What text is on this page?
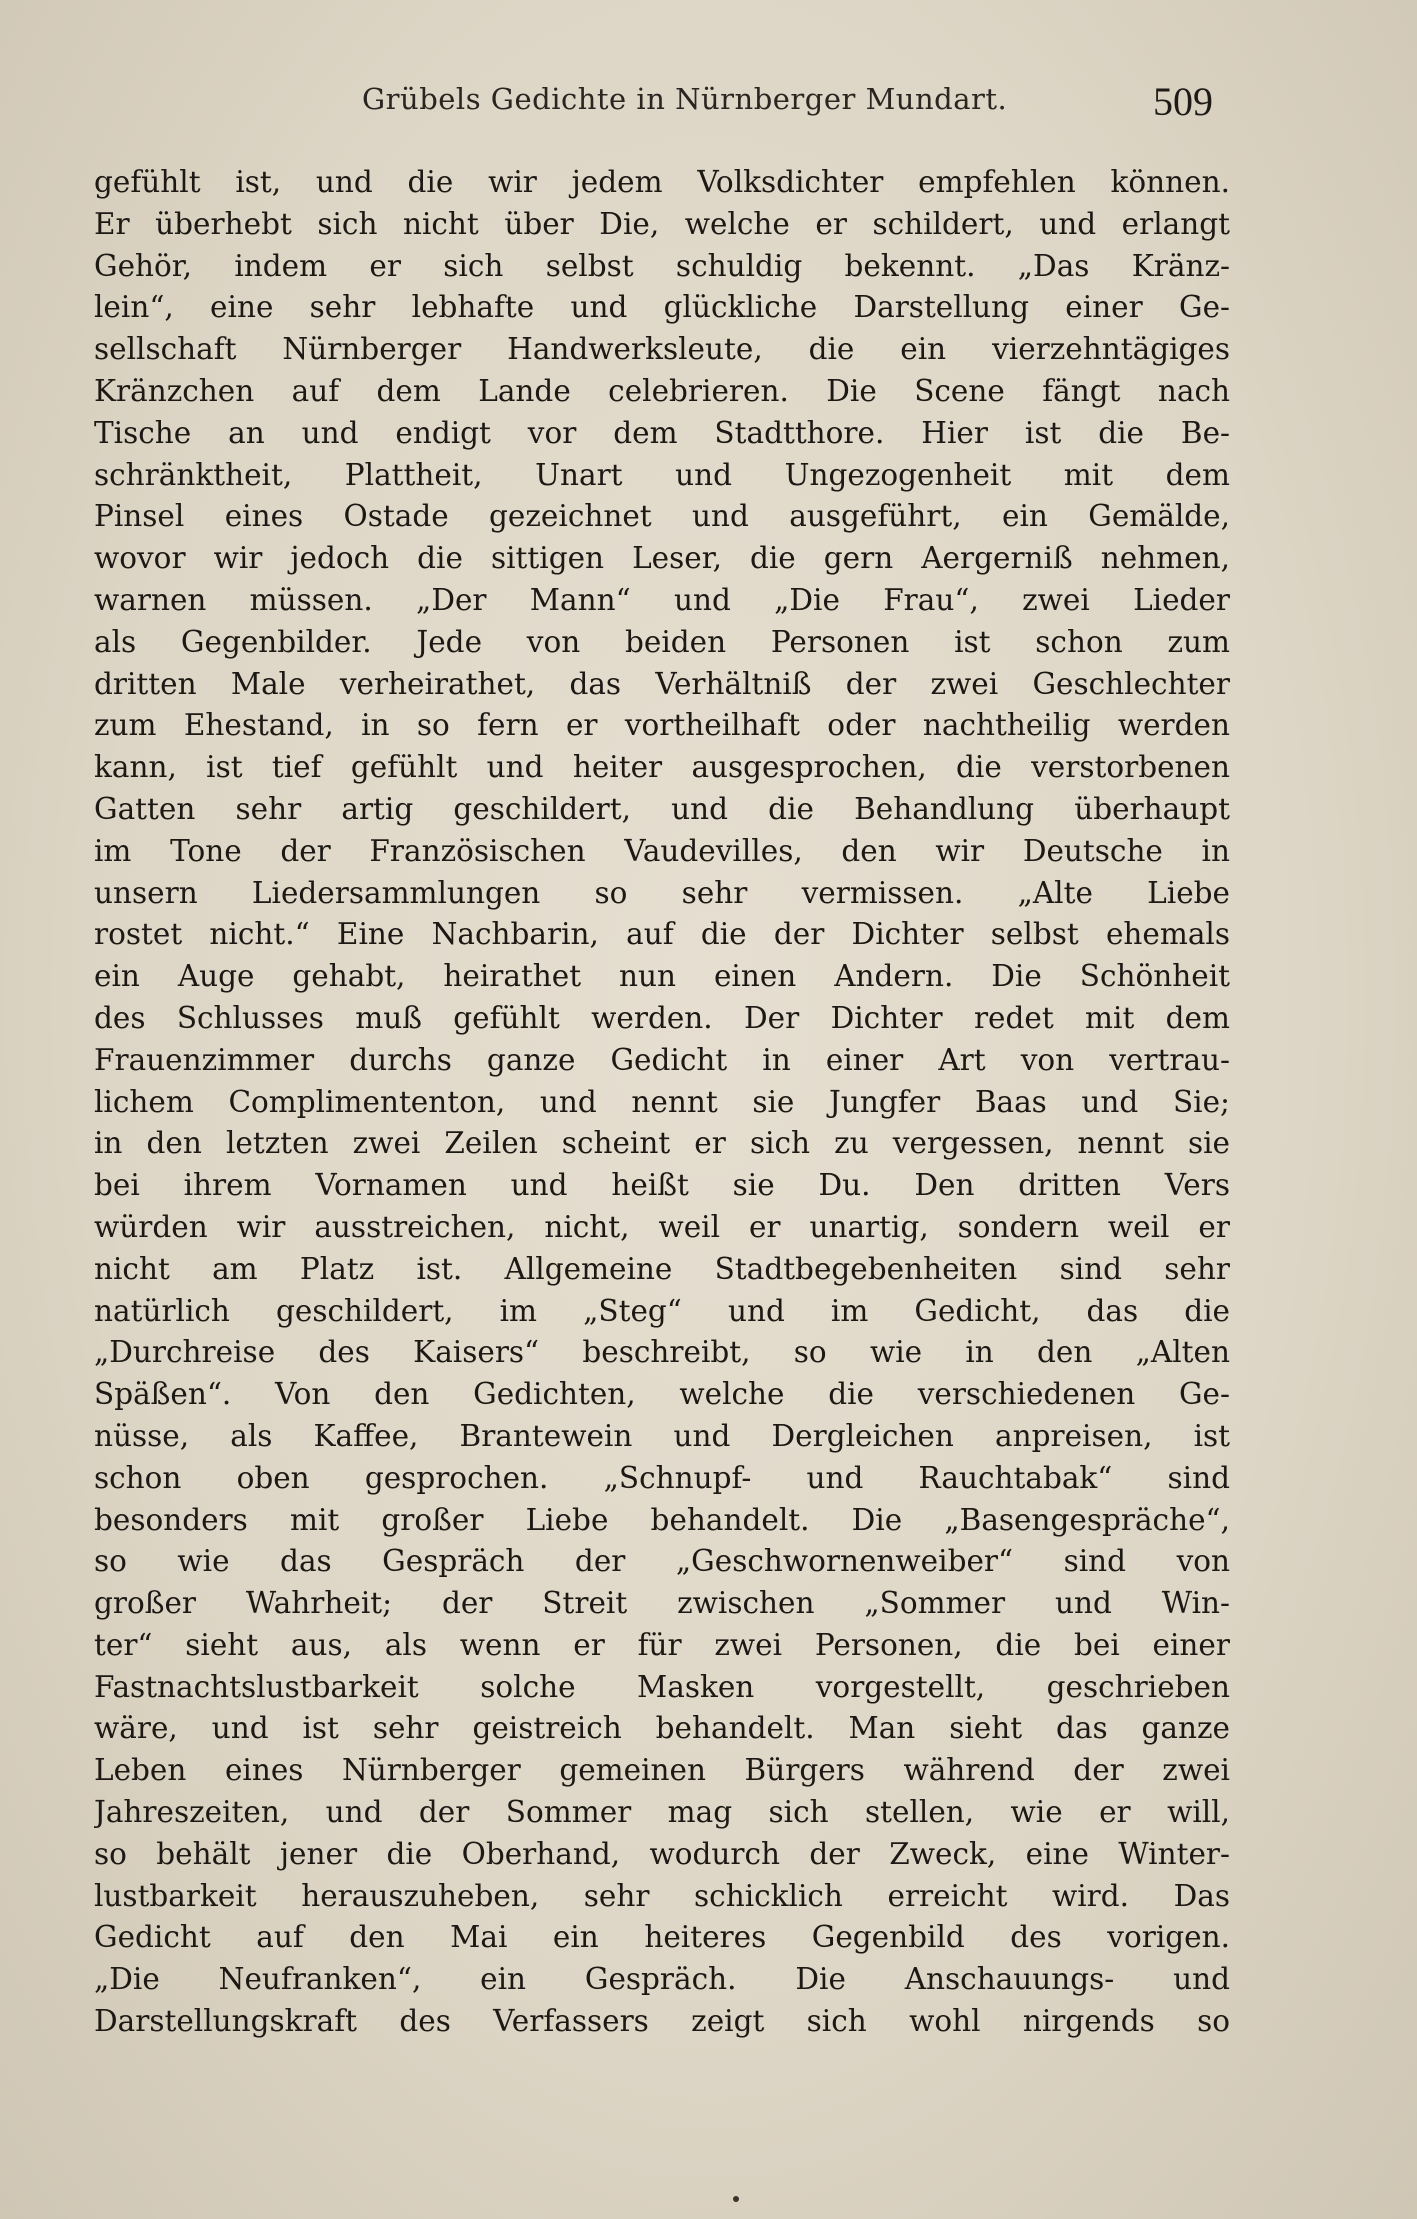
Grübels Gedichte in Nürnberger Mundart.	509
gefühlt ist, und die wir jedem Volksdichter empfehlen können.
Er überhebt sich nicht über Die, welche er schildert, und erlangt
Gehör, indem er sich selbst schuldig bekennt. „Das Kränz-
lein“, eine sehr lebhafte und glückliche Darstellung einer Ge-
sellschaft Nürnberger Handwerksleute, die ein vierzehntägiges
Kränzchen auf dem Lande celebrieren. Die Scene fängt nach
Tische an und endigt vor dem Stadtthore. Hier ist die Be-
schränktheit, Plattheit, Unart und Ungezogenheit mit dem
Pinsel eines Ostade gezeichnet und ausgeführt, ein Gemälde,
wovor wir jedoch die sittigen Leser, die gern Aergerniß nehmen,
warnen müssen. „Der Mann“ und „Die Frau“, zwei Lieder
als Gegenbilder. Jede von beiden Personen ist schon zum
dritten Male verheirathet, das Verhältniß der zwei Geschlechter
zum Ehestand, in so fern er vortheilhaft oder nachtheilig werden
kann, ist tief gefühlt und heiter ausgesprochen, die verstorbenen
Gatten sehr artig geschildert, und die Behandlung überhaupt
im Tone der Französischen Vaudevilles, den wir Deutsche in
unsern Liedersammlungen so sehr vermissen. „Alte Liebe
rostet nicht.“ Eine Nachbarin, auf die der Dichter selbst ehemals
ein Auge gehabt, heirathet nun einen Andern. Die Schönheit
des Schlusses muß gefühlt werden. Der Dichter redet mit dem
Frauenzimmer durchs ganze Gedicht in einer Art von vertrau-
lichem Complimententon, und nennt sie Jungfer Baas und Sie;
in den letzten zwei Zeilen scheint er sich zu vergessen, nennt sie
bei ihrem Vornamen und heißt sie Du. Den dritten Vers
würden wir ausstreichen, nicht, weil er unartig, sondern weil er
nicht am Platz ist. Allgemeine Stadtbegebenheiten sind sehr
natürlich geschildert, im „Steg“ und im Gedicht, das die
„Durchreise des Kaisers“ beschreibt, so wie in den „Alten
Späßen“. Von den Gedichten, welche die verschiedenen Ge-
nüsse, als Kaffee, Brantewein und Dergleichen anpreisen, ist
schon oben gesprochen. „Schnupf- und Rauchtabak“ sind
besonders mit großer Liebe behandelt. Die „Basengespräche“,
so wie das Gespräch der „Geschwornenweiber“ sind von
großer Wahrheit; der Streit zwischen „Sommer und Win-
ter“ sieht aus, als wenn er für zwei Personen, die bei einer
Fastnachtslustbarkeit solche Masken vorgestellt, geschrieben
wäre, und ist sehr geistreich behandelt. Man sieht das ganze
Leben eines Nürnberger gemeinen Bürgers während der zwei
Jahreszeiten, und der Sommer mag sich stellen, wie er will,
so behält jener die Oberhand, wodurch der Zweck, eine Winter-
lustbarkeit herauszuheben, sehr schicklich erreicht wird. Das
Gedicht auf den Mai ein heiteres Gegenbild des vorigen.
„Die Neufranken“, ein Gespräch. Die Anschauungs- und
Darstellungskraft des Verfassers zeigt sich wohl nirgends so
